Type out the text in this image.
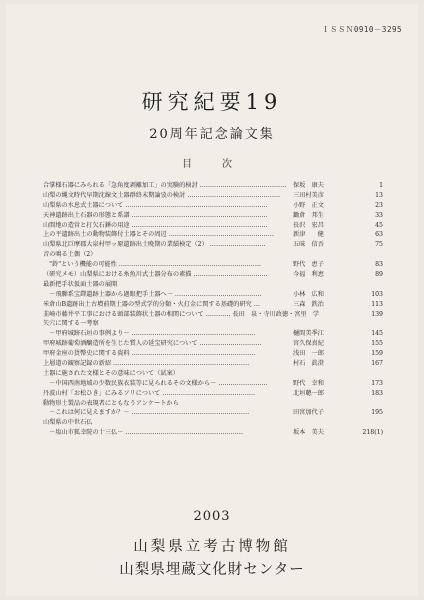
ＩＳＳＮ0910－3295
研究紀要19
20周年記念論文集
目　次
合掌様石器にみられる「急角度剥離加工」の実験的検討 …………………………………… 保坂　康夫	1
山梨の縄文時代早期沈線文土器群終末期論攷の検討 ……………………………………… 三田村美彦	13
山梨県の水息式土器について ……………………………………………………………	小野　正文	23
天神遺跡出土石器の形態と系譜 …………………………………………………………	鋤倉　邦生	33
山間地の造営と打欠石錘の用途 …………………………………………………………	長沢　宏昌	45
上の平遺跡出土の動物装飾付土器とその周辺 ……………………………………………	新津　　健	63
山梨県北巨摩郡大泉村甲ッ原遺跡出土晩期の業績検定（2） ………………………	五味　信吾	75
音の鳴る土偶（2）
　"鈴"という機能の可能性 ……………………………………………………………	野代　恵子	83
（研究メモ）山梨県における糸魚川式土器分布の素描 ………………………………	今福　利恵	89
最新把手状仮面土器の展開
　－飛騨系宝鐸遺跡土器から過眼把手土器へ－ ……………………………………	小林　広和	103
米倉山B遺跡出土古墳前期土器の型式学的分類・火打金に関する基礎的研究 …	三森　鉄治	113
韮崎市藤井平工事における頭部装飾状土器の相関について ………… 長田　泉・寺川政徳・宮里　学	139
矢穴に関する一考察
　－甲府城跡石垣の事例より－ ……………………………………………………	樋間美季江	145
甲府城跡葡萄酒醸造所を生じた質人の延宝研究について …………………………	宮久保真紀	155
甲府金座の貨幣史に関する資料 ……………………………………………………	浅田　一郎	159
上層道の観察記録の新紹 …………………………………………………………	村石　眞澄	167
土器に施された文様とその意味について（試案）
　－中国西南地域の少数民族衣装等に見られるその文様から－ ……………………	野代　幸和	173
丹波山村「お松ひき」にみるソリについて ………………………………………	北垣聰一郎	183
動物形土製品の表現者にともなうアンケートから
　－これは何に見えますか？－ …………………………………………………	田宮加代子	195
山梨県の中世石仏
　－塩山市狐幸院の十三仏－ …………………………………………………	坂本　美夫	218(1)
2003
山梨県立考古博物館
山梨県埋蔵文化財センター
